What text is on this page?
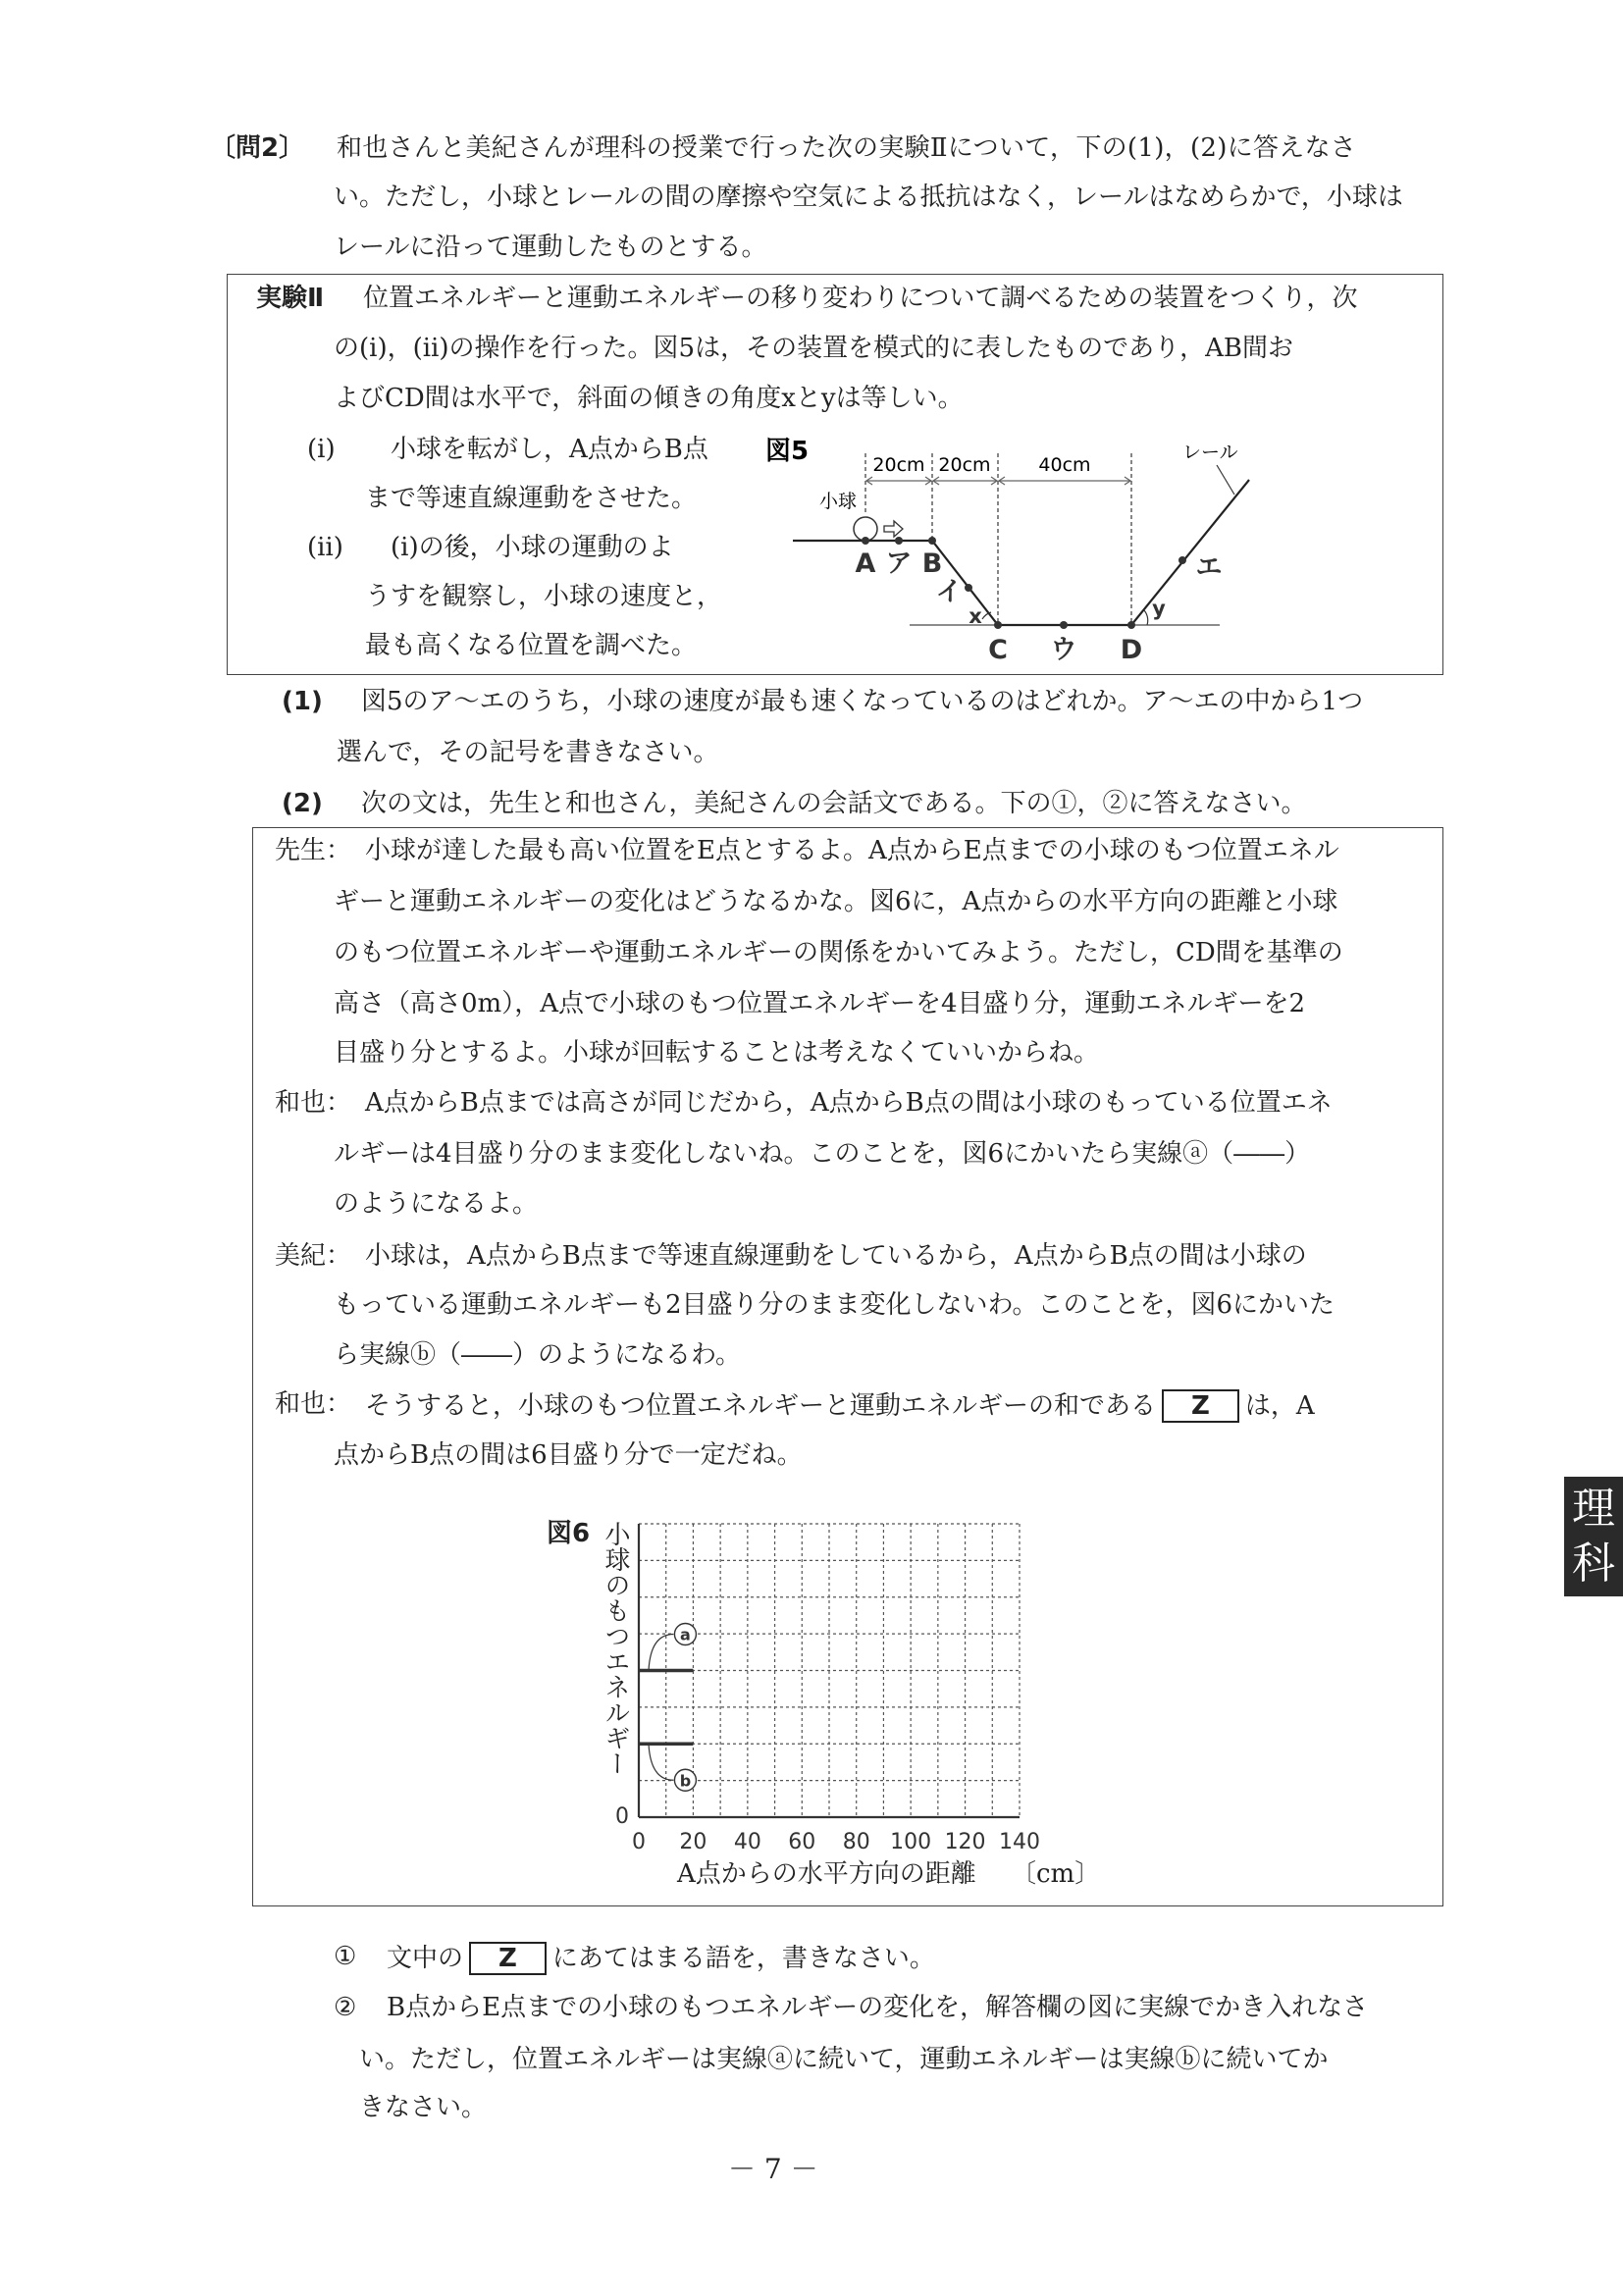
〔問2〕 和也さんと美紀さんが理科の授業で行った次の実験Ⅱについて，下の(1)，(2)に答えなさ
い。ただし，小球とレールの間の摩擦や空気による抵抗はなく，レールはなめらかで，小球は
レールに沿って運動したものとする。
実験Ⅱ 位置エネルギーと運動エネルギーの移り変わりについて調べるための装置をつくり，次
の(ⅰ)，(ⅱ)の操作を行った。図5は，その装置を模式的に表したものであり，AB間お
よびCD間は水平で，斜面の傾きの角度xとyは等しい。
(ⅰ) 小球を転がし，A点からB点
まで等速直線運動をさせた。
(ⅱ) (ⅰ)の後，小球の運動のよ
うすを観察し，小球の速度と，
最も高くなる位置を調べた。
図5	20cm 20cm	40cm
小球
A ア B
イ
C ウ D
エ
x	y
レール
(1) 図5のア～エのうち，小球の速度が最も速くなっているのはどれか。ア～エの中から1つ
選んで，その記号を書きなさい。
(2) 次の文は，先生と和也さん，美紀さんの会話文である。下の①，②に答えなさい。
先生： 小球が達した最も高い位置をE点とするよ。A点からE点までの小球のもつ位置エネル
ギーと運動エネルギーの変化はどうなるかな。図6に，A点からの水平方向の距離と小球
のもつ位置エネルギーや運動エネルギーの関係をかいてみよう。ただし，CD間を基準の
高さ（高さ0m），A点で小球のもつ位置エネルギーを4目盛り分，運動エネルギーを2
目盛り分とするよ。小球が回転することは考えなくていいからね。
和也： A点からB点までは高さが同じだから，A点からB点の間は小球のもっている位置エネ
ルギーは4目盛り分のまま変化しないね。このことを，図6にかいたら実線ⓐ（――）
のようになるよ。
美紀： 小球は，A点からB点まで等速直線運動をしているから，A点からB点の間は小球の
もっている運動エネルギーも2目盛り分のまま変化しないわ。このことを，図6にかいた
ら実線ⓑ（――）のようになるわ。
和也： そうすると，小球のもつ位置エネルギーと運動エネルギーの和である Z は，A
点からB点の間は6目盛り分で一定だね。
図6 小球のもつエネルギー
0 20 40 60 80 100 120 140
0
a
b
A点からの水平方向の距離 〔cm〕
① 文中の Z にあてはまる語を，書きなさい。
② B点からE点までの小球のもつエネルギーの変化を，解答欄の図に実線でかき入れなさ
い。ただし，位置エネルギーは実線ⓐに続いて，運動エネルギーは実線ⓑに続いてか
きなさい。
－ 7 －
理
科
